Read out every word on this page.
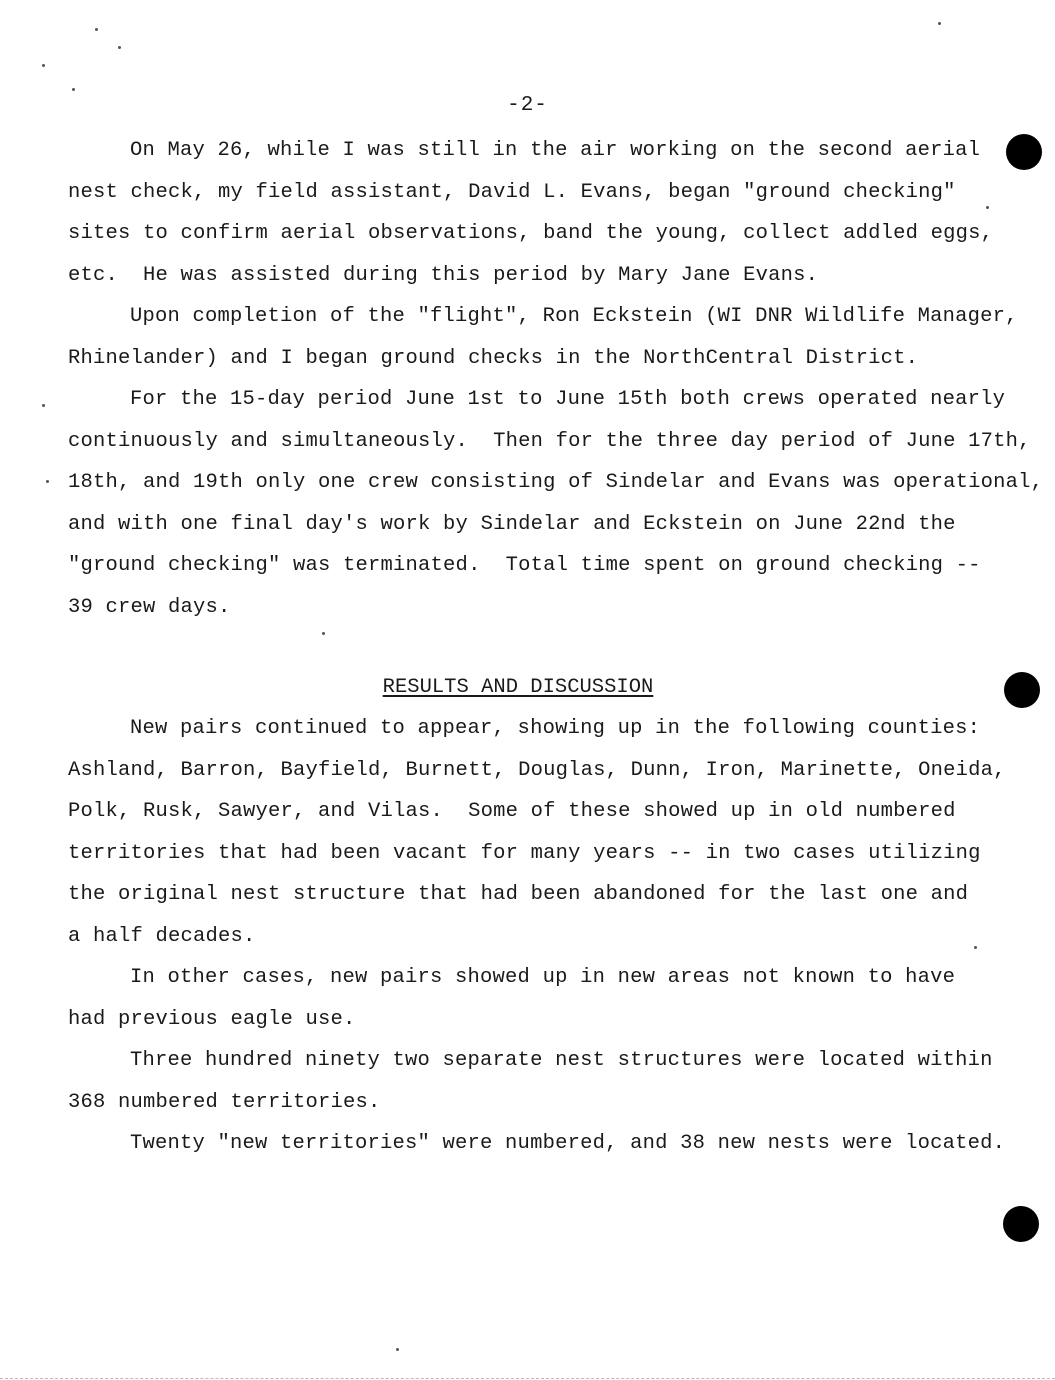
-2-
On May 26, while I was still in the air working on the second aerial
nest check, my field assistant, David L. Evans, began "ground checking"
sites to confirm aerial observations, band the young, collect addled eggs,
etc.  He was assisted during this period by Mary Jane Evans.
Upon completion of the "flight", Ron Eckstein (WI DNR Wildlife Manager,
Rhinelander) and I began ground checks in the NorthCentral District.
For the 15-day period June 1st to June 15th both crews operated nearly
continuously and simultaneously.  Then for the three day period of June 17th,
18th, and 19th only one crew consisting of Sindelar and Evans was operational,
and with one final day's work by Sindelar and Eckstein on June 22nd the
"ground checking" was terminated.  Total time spent on ground checking --
39 crew days.
RESULTS AND DISCUSSION
New pairs continued to appear, showing up in the following counties:
Ashland, Barron, Bayfield, Burnett, Douglas, Dunn, Iron, Marinette, Oneida,
Polk, Rusk, Sawyer, and Vilas.  Some of these showed up in old numbered
territories that had been vacant for many years -- in two cases utilizing
the original nest structure that had been abandoned for the last one and
a half decades.
In other cases, new pairs showed up in new areas not known to have
had previous eagle use.
Three hundred ninety two separate nest structures were located within
368 numbered territories.
Twenty "new territories" were numbered, and 38 new nests were located.
